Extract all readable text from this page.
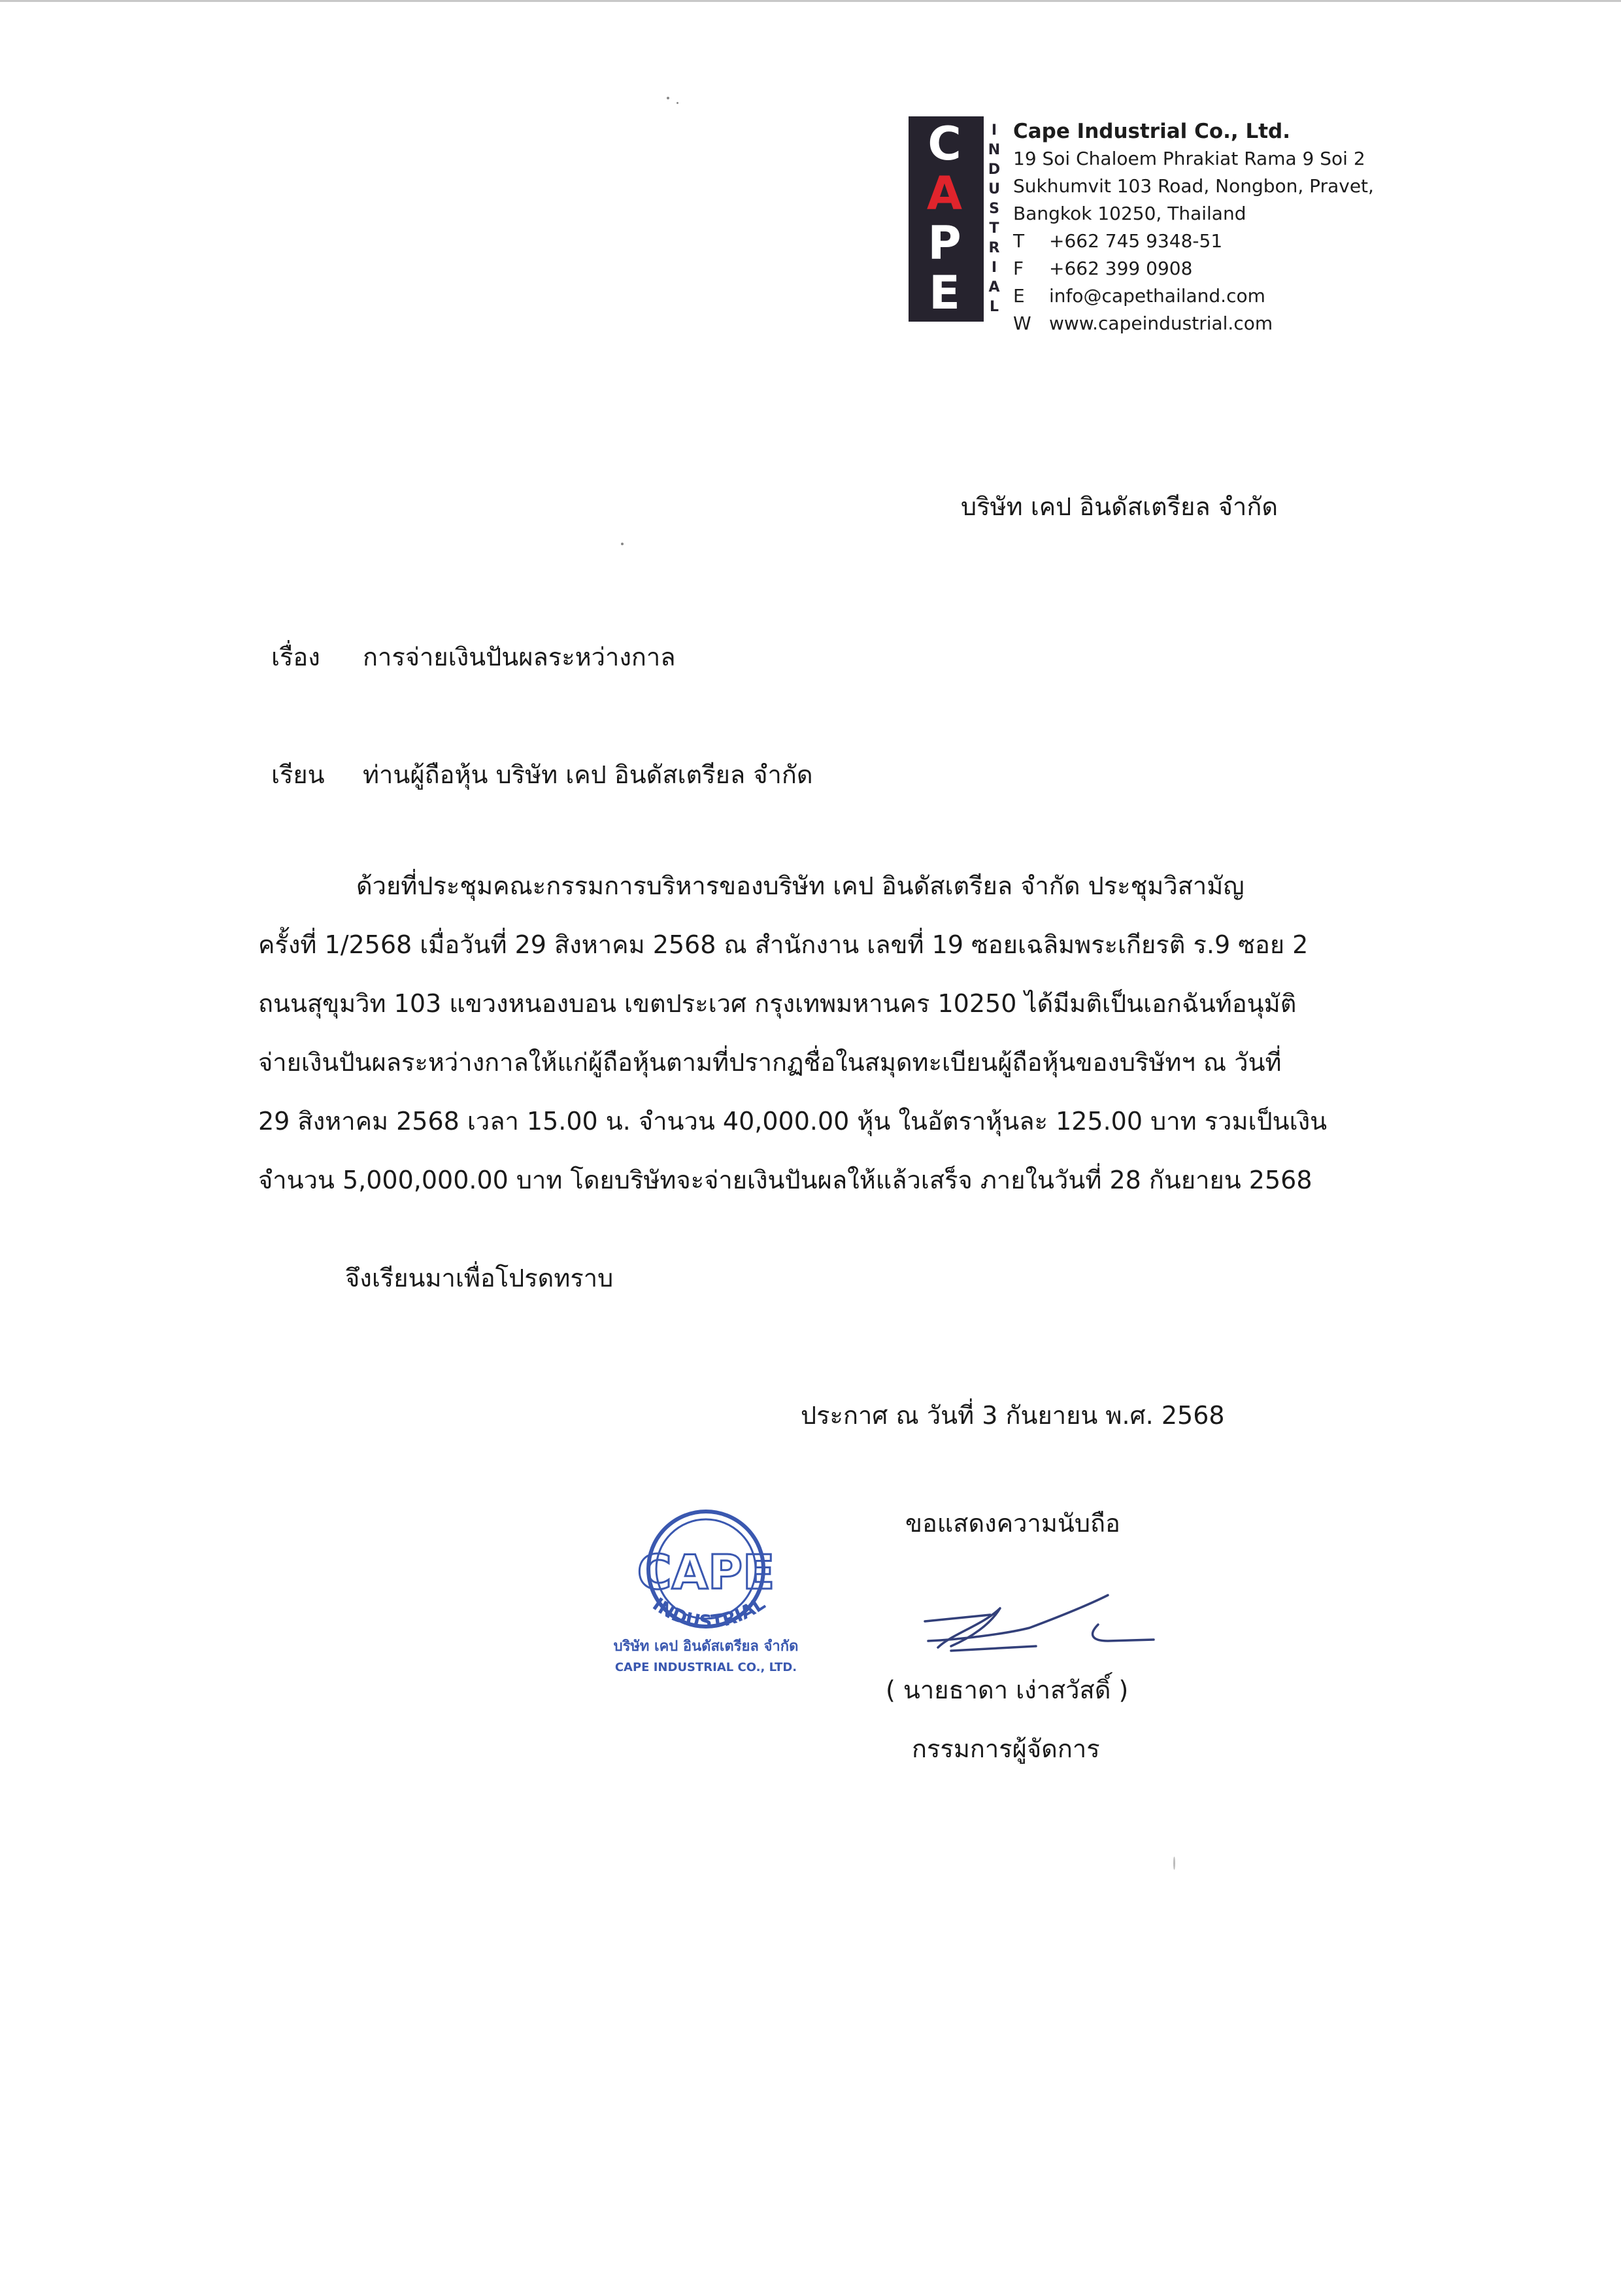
C
A
P
E
I
N
D
U
S
T
R
I
A
L
Cape Industrial Co., Ltd.
19 Soi Chaloem Phrakiat Rama 9 Soi 2
Sukhumvit 103 Road, Nongbon, Pravet,
Bangkok 10250, Thailand
T	+662 745 9348-51
F	+662 399 0908
E	info@capethailand.com
W www.capeindustrial.com
บริษัท เคป อินดัสเตรียล จำกัด
เรื่อง	การจ่ายเงินปันผลระหว่างกาล
เรียน	ท่านผู้ถือหุ้น บริษัท เคป อินดัสเตรียล จำกัด
ด้วยที่ประชุมคณะกรรมการบริหารของบริษัท เคป อินดัสเตรียล จำกัด ประชุมวิสามัญ
ครั้งที่ 1/2568 เมื่อวันที่ 29 สิงหาคม 2568 ณ สำนักงาน เลขที่ 19 ซอยเฉลิมพระเกียรติ ร.9 ซอย 2
ถนนสุขุมวิท 103 แขวงหนองบอน เขตประเวศ กรุงเทพมหานคร 10250 ได้มีมติเป็นเอกฉันท์อนุมัติ
จ่ายเงินปันผลระหว่างกาลให้แก่ผู้ถือหุ้นตามที่ปรากฏชื่อในสมุดทะเบียนผู้ถือหุ้นของบริษัทฯ ณ วันที่
29 สิงหาคม 2568 เวลา 15.00 น. จำนวน 40,000.00 หุ้น ในอัตราหุ้นละ 125.00 บาท รวมเป็นเงิน
จำนวน 5,000,000.00 บาท โดยบริษัทจะจ่ายเงินปันผลให้แล้วเสร็จ ภายในวันที่ 28 กันยายน 2568
จึงเรียนมาเพื่อโปรดทราบ
ประกาศ ณ วันที่ 3 กันยายน พ.ศ. 2568
ขอแสดงความนับถือ
CAPE
INDUSTRIAL
บริษัท เคป อินดัสเตรียล จำกัด
CAPE INDUSTRIAL CO., LTD.
( นายธาดา เง่าสวัสดิ์ )
กรรมการผู้จัดการ
